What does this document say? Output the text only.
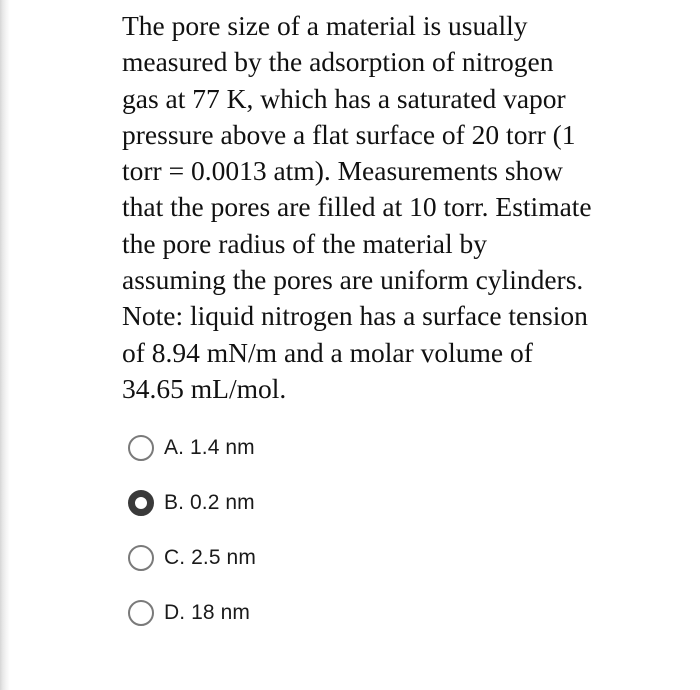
The pore size of a material is usually
measured by the adsorption of nitrogen
gas at 77 K, which has a saturated vapor
pressure above a flat surface of 20 torr (1
torr = 0.0013 atm). Measurements show
that the pores are filled at 10 torr. Estimate
the pore radius of the material by
assuming the pores are uniform cylinders.
Note: liquid nitrogen has a surface tension
of 8.94 mN/m and a molar volume of
34.65 mL/mol.

A. 1.4 nm
B. 0.2 nm
C. 2.5 nm
D. 18 nm
